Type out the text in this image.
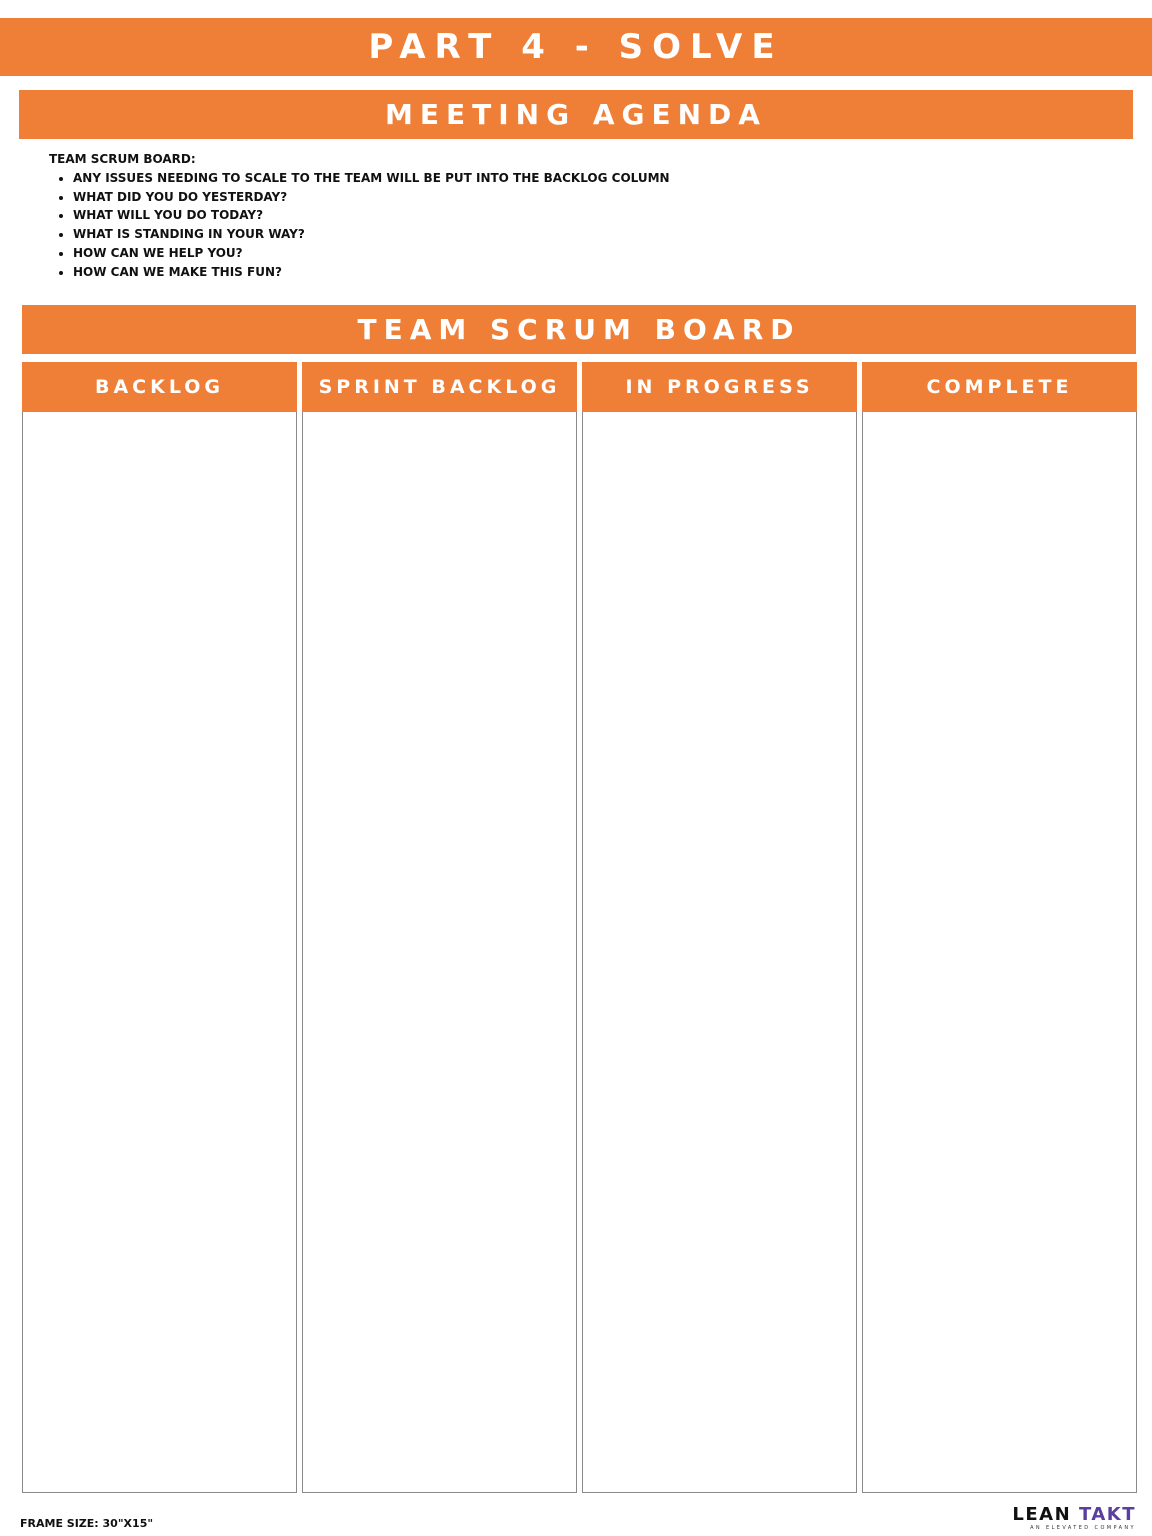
PART 4 - SOLVE
MEETING AGENDA
TEAM SCRUM BOARD:
• ANY ISSUES NEEDING TO SCALE TO THE TEAM WILL BE PUT INTO THE BACKLOG COLUMN
• WHAT DID YOU DO YESTERDAY?
• WHAT WILL YOU DO TODAY?
• WHAT IS STANDING IN YOUR WAY?
• HOW CAN WE HELP YOU?
• HOW CAN WE MAKE THIS FUN?
TEAM SCRUM BOARD
BACKLOG	SPRINT BACKLOG	IN PROGRESS	COMPLETE
FRAME SIZE: 30"X15"	LEAN TAKT
AN ELEVATED COMPANY
